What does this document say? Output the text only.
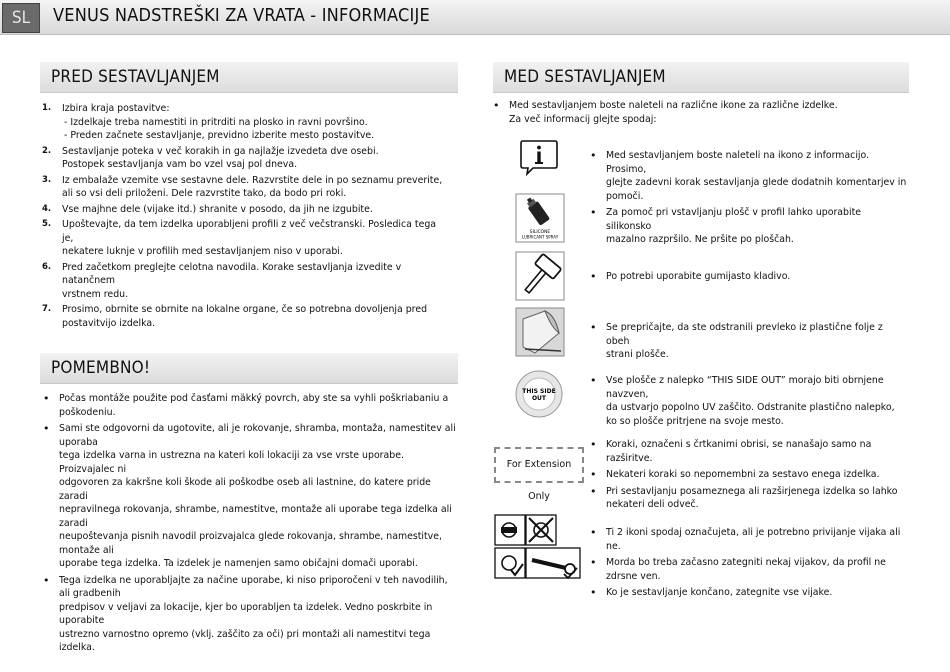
SL	VENUS NADSTREŠKI ZA VRATA - INFORMACIJE
PRED SESTAVLJANJEM
1. Izbira kraja postavitve:
- Izdelkaje treba namestiti in pritrditi na plosko in ravni površino.
- Preden začnete sestavljanje, previdno izberite mesto postavitve.
2. Sestavljanje poteka v več korakih in ga najlažje izvedeta dve osebi.
Postopek sestavljanja vam bo vzel vsaj pol dneva.
3. Iz embalaže vzemite vse sestavne dele. Razvrstite dele in po seznamu preverite,
ali so vsi deli priloženi. Dele razvrstite tako, da bodo pri roki.
4. Vse majhne dele (vijake itd.) shranite v posodo, da jih ne izgubite.
5. Upoštevajte, da tem izdelka uporabljeni profili z več večstranski. Posledica tega je,
nekatere luknje v profilih med sestavljanjem niso v uporabi.
6. Pred začetkom preglejte celotna navodila. Korake sestavljanja izvedite v natančnem
vrstnem redu.
7. Prosimo, obrnite se obrnite na lokalne organe, če so potrebna dovoljenja pred
postavitvijo izdelka.
POMEMBNO!
• Počas montáže použite pod časťami mäkký povrch, aby ste sa vyhli poškriabaniu a poškodeniu.
• Sami ste odgovorni da ugotovite, ali je rokovanje, shramba, montaža, namestitev ali uporaba
tega izdelka varna in ustrezna na kateri koli lokaciji za vse vrste uporabe. Proizvajalec ni
odgovoren za kakršne koli škode ali poškodbe oseb ali lastnine, do katere pride zaradi
nepravilnega rokovanja, shrambe, namestitve, montaže ali uporabe tega izdelka ali zaradi
neupoštevanja pisnih navodil proizvajalca glede rokovanja, shrambe, namestitve, montaže ali
uporabe tega izdelka. Ta izdelek je namenjen samo običajni domači uporabi.
• Tega izdelka ne uporabljajte za načine uporabe, ki niso priporočeni v teh navodilih, ali gradbenih
predpisov v veljavi za lokacije, kjer bo uporabljen ta izdelek. Vedno poskrbite in uporabite
ustrezno varnostno opremo (vklj. zaščito za oči) pri montaži ali namestitvi tega izdelka.
MED SESTAVLJANJEM
• Med sestavljanjem boste naleteli na različne ikone za različne izdelke.
Za več informacij glejte spodaj:
• Med sestavljanjem boste naleteli na ikono z informacijo. Prosimo,
glejte zadevni korak sestavljanja glede dodatnih komentarjev in pomoči.
SILICONE
LUBRICANT SPRAY
• Za pomoč pri vstavljanju plošč v profil lahko uporabite silikonsko
mazalno razpršilo. Ne pršite po ploščah.
• Po potrebi uporabite gumijasto kladivo.
• Se prepričajte, da ste odstranili prevleko iz plastične folje z obeh
strani plošče.
THIS SIDE
OUT
• Vse plošče z nalepko “THIS SIDE OUT” morajo biti obrnjene navzven,
da ustvarjo popolno UV zaščito. Odstranite plastično nalepko,
ko so plošče pritrjene na svoje mesto.
For Extension Only
• Koraki, označeni s črtkanimi obrisi, se nanašajo samo na razširitve.
• Nekateri koraki so nepomembni za sestavo enega izdelka.
• Pri sestavljanju posameznega ali razširjenega izdelka so lahko
nekateri deli odveč.
• Ti 2 ikoni spodaj označujeta, ali je potrebno privijanje vijaka ali ne.
• Morda bo treba začasno zategniti nekaj vijakov, da profil ne zdrsne ven.
• Ko je sestavljanje končano, zategnite vse vijake.
